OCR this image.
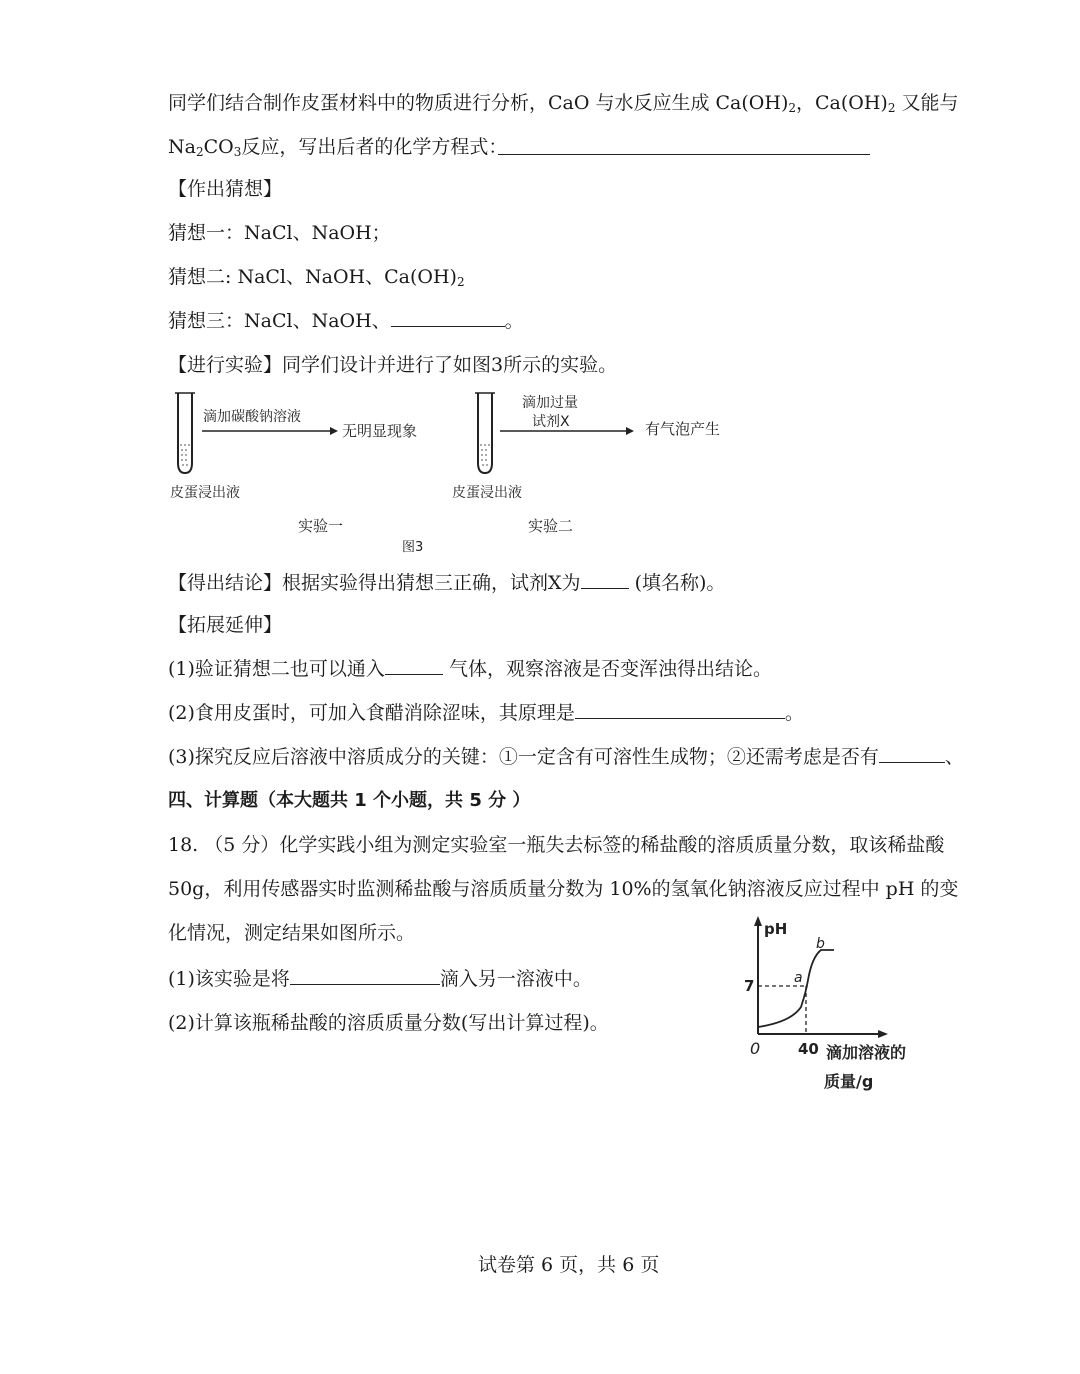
同学们结合制作皮蛋材料中的物质进行分析，CaO 与水反应生成 $Ca(OH)_2$，$Ca(OH)_2$ 又能与
$Na_2CO_3$反应，写出后者的化学方程式：
【作出猜想】
猜想一：NaCl、NaOH；
猜想二: NaCl、NaOH、$Ca(OH)_2$
猜想三：NaCl、NaOH、	。
【进行实验】同学们设计并进行了如图3所示的实验。
滴加碳酸钠溶液
无明显现象
皮蛋浸出液
实验一
滴加过量
试剂X	有气泡产生
皮蛋浸出液
实验二
图3
【得出结论】根据实验得出猜想三正确，试剂X为	(填名称)。
【拓展延伸】
(1)验证猜想二也可以通入	气体，观察溶液是否变浑浊得出结论。
(2)食用皮蛋时，可加入食醋消除涩味，其原理是	。
(3)探究反应后溶液中溶质成分的关键：①一定含有可溶性生成物；②还需考虑是否有	、
四、计算题（本大题共 1 个小题，共 5 分 ）
18. （5 分）化学实践小组为测定实验室一瓶失去标签的稀盐酸的溶质质量分数，取该稀盐酸
50g，利用传感器实时监测稀盐酸与溶质质量分数为 10%的氢氧化钠溶液反应过程中 pH 的变
化情况，测定结果如图所示。
(1)该实验是将	滴入另一溶液中。
(2)计算该瓶稀盐酸的溶质质量分数(写出计算过程)。
pH
7
0	40 滴加溶液的
质量/g
a
b
试卷第 6 页，共 6 页
